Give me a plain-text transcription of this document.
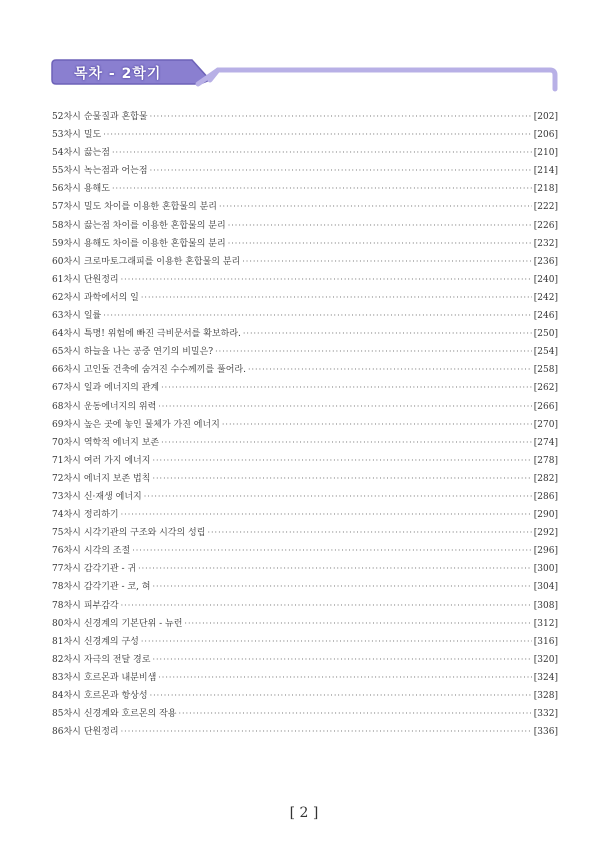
목차 - 2학기
52차시 순물질과 혼합물 ·····	[202]
53차시 밀도 ·····	[206]
54차시 끓는점 ·····	[210]
55차시 녹는점과 어는점 ·····	[214]
56차시 용해도 ·····	[218]
57차시 밀도 차이를 이용한 혼합물의 분리 ·····	[222]
58차시 끓는점 차이를 이용한 혼합물의 분리 ·····	[226]
59차시 용해도 차이를 이용한 혼합물의 분리 ·····	[232]
60차시 크로마토그래피를 이용한 혼합물의 분리 ·····	[236]
61차시 단원정리 ·····	[240]
62차시 과학에서의 일 ·····	[242]
63차시 일률 ·····	[246]
64차시 특명! 위험에 빠진 극비문서를 확보하라. ·····	[250]
65차시 하늘을 나는 공중 연기의 비밀은? ·····	[254]
66차시 고인돌 건축에 숨겨진 수수께끼를 풀어라. ·····	[258]
67차시 일과 에너지의 관계 ·····	[262]
68차시 운동에너지의 위력 ·····	[266]
69차시 높은 곳에 놓인 물체가 가진 에너지 ·····	[270]
70차시 역학적 에너지 보존 ·····	[274]
71차시 여러 가지 에너지 ·····	[278]
72차시 에너지 보존 법칙 ·····	[282]
73차시 신·재생 에너지 ·····	[286]
74차시 정리하기 ·····	[290]
75차시 시각기관의 구조와 시각의 성립 ·····	[292]
76차시 시각의 조절 ·····	[296]
77차시 감각기관 - 귀 ·····	[300]
78차시 감각기관 - 코, 혀 ·····	[304]
78차시 피부감각 ·····	[308]
80차시 신경계의 기본단위 - 뉴런 ·····	[312]
81차시 신경계의 구성 ·····	[316]
82차시 자극의 전달 경로 ·····	[320]
83차시 호르몬과 내분비샘 ·····	[324]
84차시 호르몬과 항상성 ·····	[328]
85차시 신경계와 호르몬의 작용 ·····	[332]
86차시 단원정리 ·····	[336]
[ 2 ]
